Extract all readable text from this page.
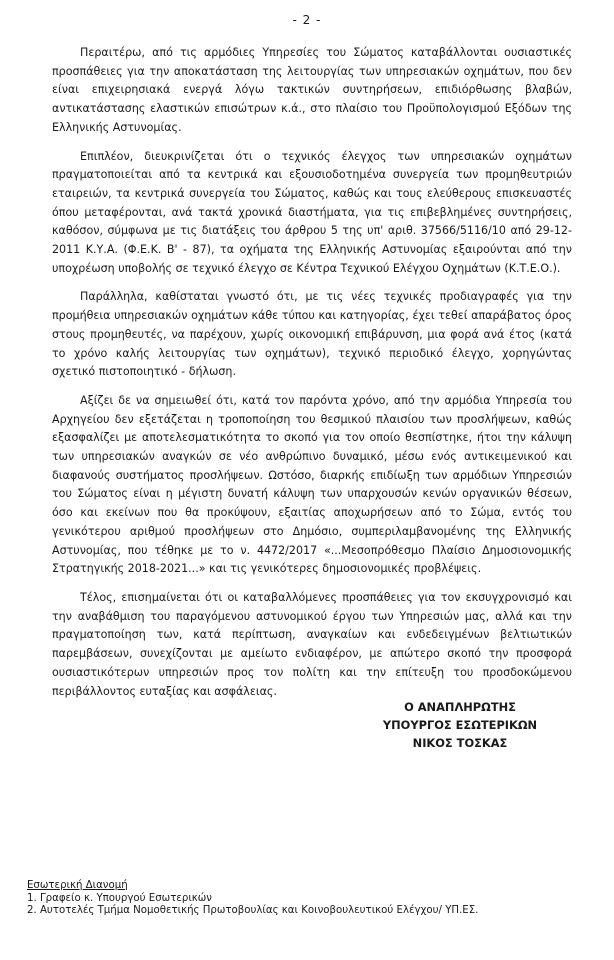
- 2 -

Περαιτέρω, από τις αρμόδιες Υπηρεσίες του Σώματος καταβάλλονται ουσιαστικές προσπάθειες για την αποκατάσταση της λειτουργίας των υπηρεσιακών οχημάτων, που δεν είναι επιχειρησιακά ενεργά λόγω τακτικών συντηρήσεων, επιδιόρθωσης βλαβών, αντικατάστασης ελαστικών επισώτρων κ.ά., στο πλαίσιο του Προϋπολογισμού Εξόδων της Ελληνικής Αστυνομίας.

Επιπλέον, διευκρινίζεται ότι ο τεχνικός έλεγχος των υπηρεσιακών οχημάτων πραγματοποιείται από τα κεντρικά και εξουσιοδοτημένα συνεργεία των προμηθευτριών εταιρειών, τα κεντρικά συνεργεία του Σώματος, καθώς και τους ελεύθερους επισκευαστές όπου μεταφέρονται, ανά τακτά χρονικά διαστήματα, για τις επιβεβλημένες συντηρήσεις, καθόσον, σύμφωνα με τις διατάξεις του άρθρου 5 της υπ' αριθ. 37566/5116/10 από 29-12-2011 Κ.Υ.Α. (Φ.Ε.Κ. Β' - 87), τα οχήματα της Ελληνικής Αστυνομίας εξαιρούνται από την υποχρέωση υποβολής σε τεχνικό έλεγχο σε Κέντρα Τεχνικού Ελέγχου Οχημάτων (Κ.Τ.Ε.Ο.).

Παράλληλα, καθίσταται γνωστό ότι, με τις νέες τεχνικές προδιαγραφές για την προμήθεια υπηρεσιακών οχημάτων κάθε τύπου και κατηγορίας, έχει τεθεί απαράβατος όρος στους προμηθευτές, να παρέχουν, χωρίς οικονομική επιβάρυνση, μια φορά ανά έτος (κατά το χρόνο καλής λειτουργίας των οχημάτων), τεχνικό περιοδικό έλεγχο, χορηγώντας σχετικό πιστοποιητικό - δήλωση.

Αξίζει δε να σημειωθεί ότι, κατά τον παρόντα χρόνο, από την αρμόδια Υπηρεσία του Αρχηγείου δεν εξετάζεται η τροποποίηση του θεσμικού πλαισίου των προσλήψεων, καθώς εξασφαλίζει με αποτελεσματικότητα το σκοπό για τον οποίο θεσπίστηκε, ήτοι την κάλυψη των υπηρεσιακών αναγκών σε νέο ανθρώπινο δυναμικό, μέσω ενός αντικειμενικού και διαφανούς συστήματος προσλήψεων. Ωστόσο, διαρκής επιδίωξη των αρμόδιων Υπηρεσιών του Σώματος είναι η μέγιστη δυνατή κάλυψη των υπαρχουσών κενών οργανικών θέσεων, όσο και εκείνων που θα προκύψουν, εξαιτίας αποχωρήσεων από το Σώμα, εντός του γενικότερου αριθμού προσλήψεων στο Δημόσιο, συμπεριλαμβανομένης της Ελληνικής Αστυνομίας, που τέθηκε με το ν. 4472/2017 «...Μεσοπρόθεσμο Πλαίσιο Δημοσιονομικής Στρατηγικής 2018-2021...» και τις γενικότερες δημοσιονομικές προβλέψεις.

Τέλος, επισημαίνεται ότι οι καταβαλλόμενες προσπάθειες για τον εκσυγχρονισμό και την αναβάθμιση του παραγόμενου αστυνομικού έργου των Υπηρεσιών μας, αλλά και την πραγματοποίηση των, κατά περίπτωση, αναγκαίων και ενδεδειγμένων βελτιωτικών παρεμβάσεων, συνεχίζονται με αμείωτο ενδιαφέρον, με απώτερο σκοπό την προσφορά ουσιαστικότερων υπηρεσιών προς τον πολίτη και την επίτευξη του προσδοκώμενου περιβάλλοντος ευταξίας και ασφάλειας.

Ο ΑΝΑΠΛΗΡΩΤΗΣ
ΥΠΟΥΡΓΟΣ ΕΣΩΤΕΡΙΚΩΝ
ΝΙΚΟΣ ΤΟΣΚΑΣ
Εσωτερική Διανομή
1. Γραφείο κ. Υπουργού Εσωτερικών
2. Αυτοτελές Τμήμα Νομοθετικής Πρωτοβουλίας και Κοινοβουλευτικού Ελέγχου/ ΥΠ.ΕΣ.
